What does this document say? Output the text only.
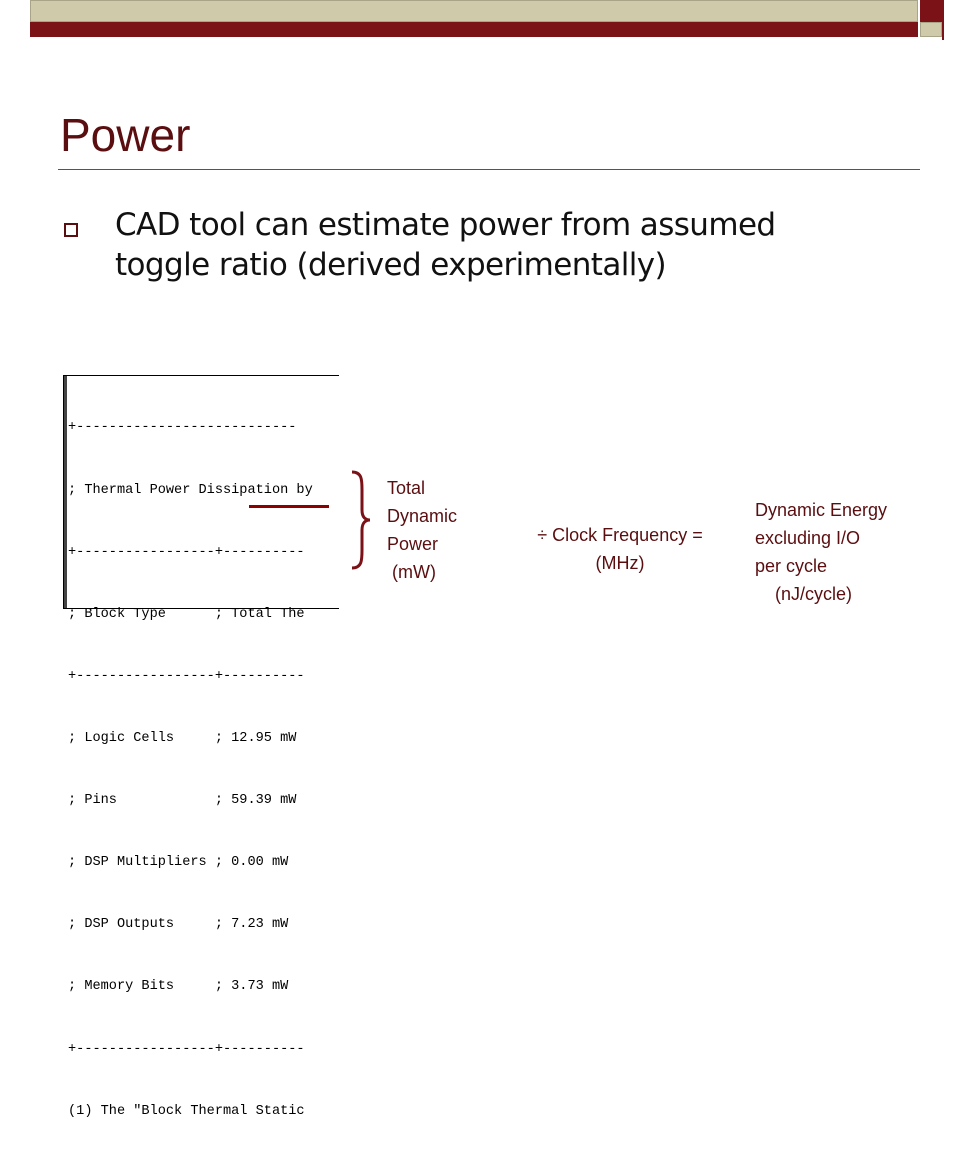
Power
CAD tool can estimate power from assumed toggle ratio (derived experimentally)

+---------------------------

; Thermal Power Dissipation by

+-----------------+----------

; Block Type      ; Total The

+-----------------+----------

; Logic Cells     ; 12.95 mW

; Pins            ; 59.39 mW

; DSP Multipliers ; 0.00 mW

; DSP Outputs     ; 7.23 mW

; Memory Bits     ; 3.73 mW

+-----------------+----------

(1) The "Block Thermal Static

Total
Dynamic
Power
(mW)
÷ Clock Frequency =
(MHz)
Dynamic Energy
excluding I/O
per cycle
(nJ/cycle)
